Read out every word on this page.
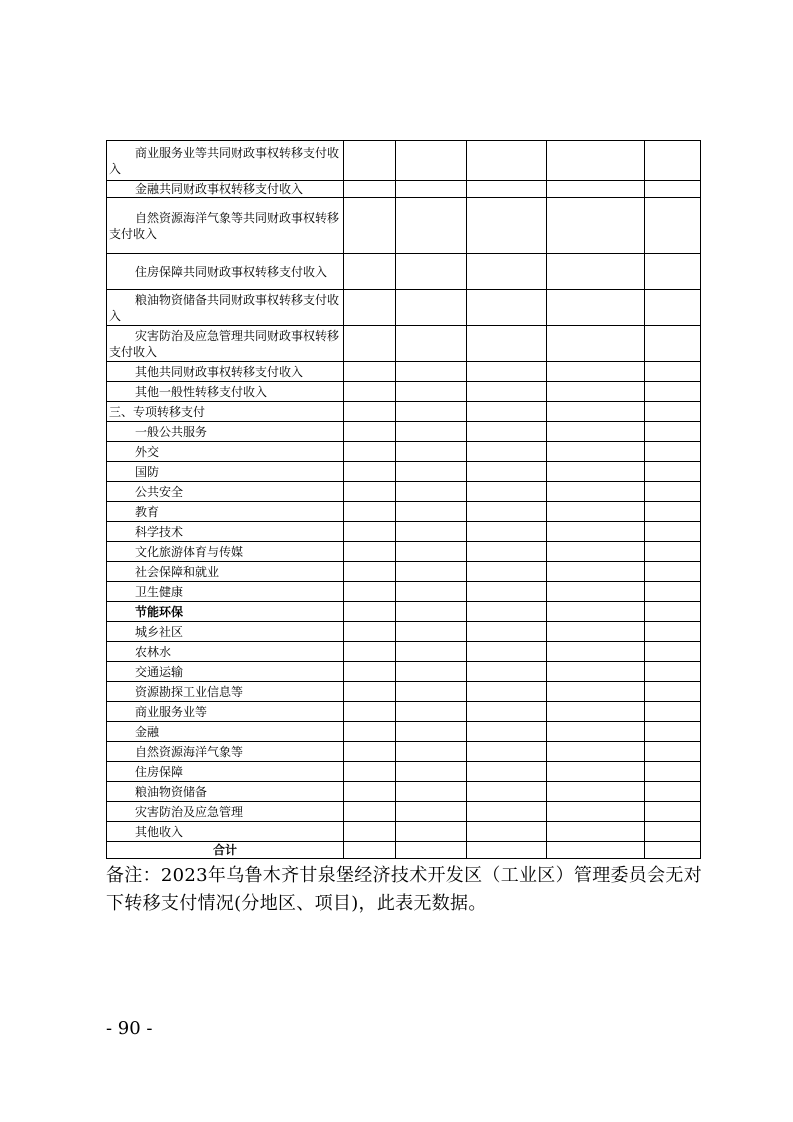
商业服务业等共同财政事权转移支付收入					

金融共同财政事权转移支付收入					

自然资源海洋气象等共同财政事权转移支付收入					

住房保障共同财政事权转移支付收入					

粮油物资储备共同财政事权转移支付收入					

灾害防治及应急管理共同财政事权转移支付收入					

其他共同财政事权转移支付收入					

其他一般性转移支付收入					

三、专项转移支付					

一般公共服务					

外交					

国防					

公共安全					

教育					

科学技术					

文化旅游体育与传媒					

社会保障和就业					

卫生健康					

节能环保					

城乡社区					

农林水					

交通运输					

资源勘探工业信息等					

商业服务业等					

金融					

自然资源海洋气象等					

住房保障					

粮油物资储备					

灾害防治及应急管理					

其他收入					

合计					

备注：2023年乌鲁木齐甘泉堡经济技术开发区（工业区）管理委员会无对下转移支付情况(分地区、项目)，此表无数据。
- 90 -
